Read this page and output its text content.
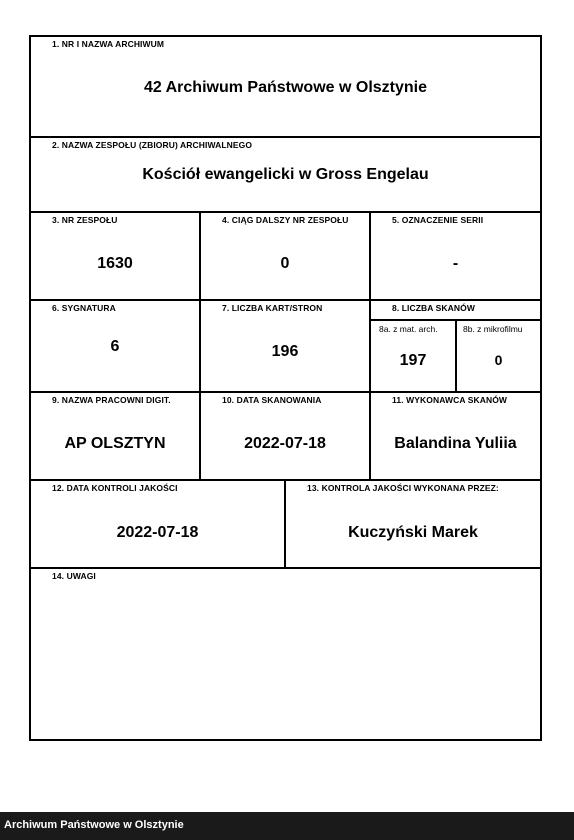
1. NR I NAZWA ARCHIWUM
42 Archiwum Państwowe w Olsztynie
2. NAZWA ZESPOŁU (ZBIORU) ARCHIWALNEGO
Kościół ewangelicki w Gross Engelau
3. NR ZESPOŁU
1630
4. CIĄG DALSZY NR ZESPOŁU
0
5. OZNACZENIE SERII
-
6. SYGNATURA
6
7. LICZBA KART/STRON
196
8. LICZBA SKANÓW
8a. z mat. arch.
197
8b. z mikrofilmu
0
9. NAZWA PRACOWNI DIGIT.
AP OLSZTYN
10. DATA SKANOWANIA
2022-07-18
11. WYKONAWCA SKANÓW
Balandina Yuliia
12. DATA KONTROLI JAKOŚCI
2022-07-18
13. KONTROLA JAKOŚCI WYKONANA PRZEZ:
Kuczyński Marek
14. UWAGI
Archiwum Państwowe w Olsztynie
